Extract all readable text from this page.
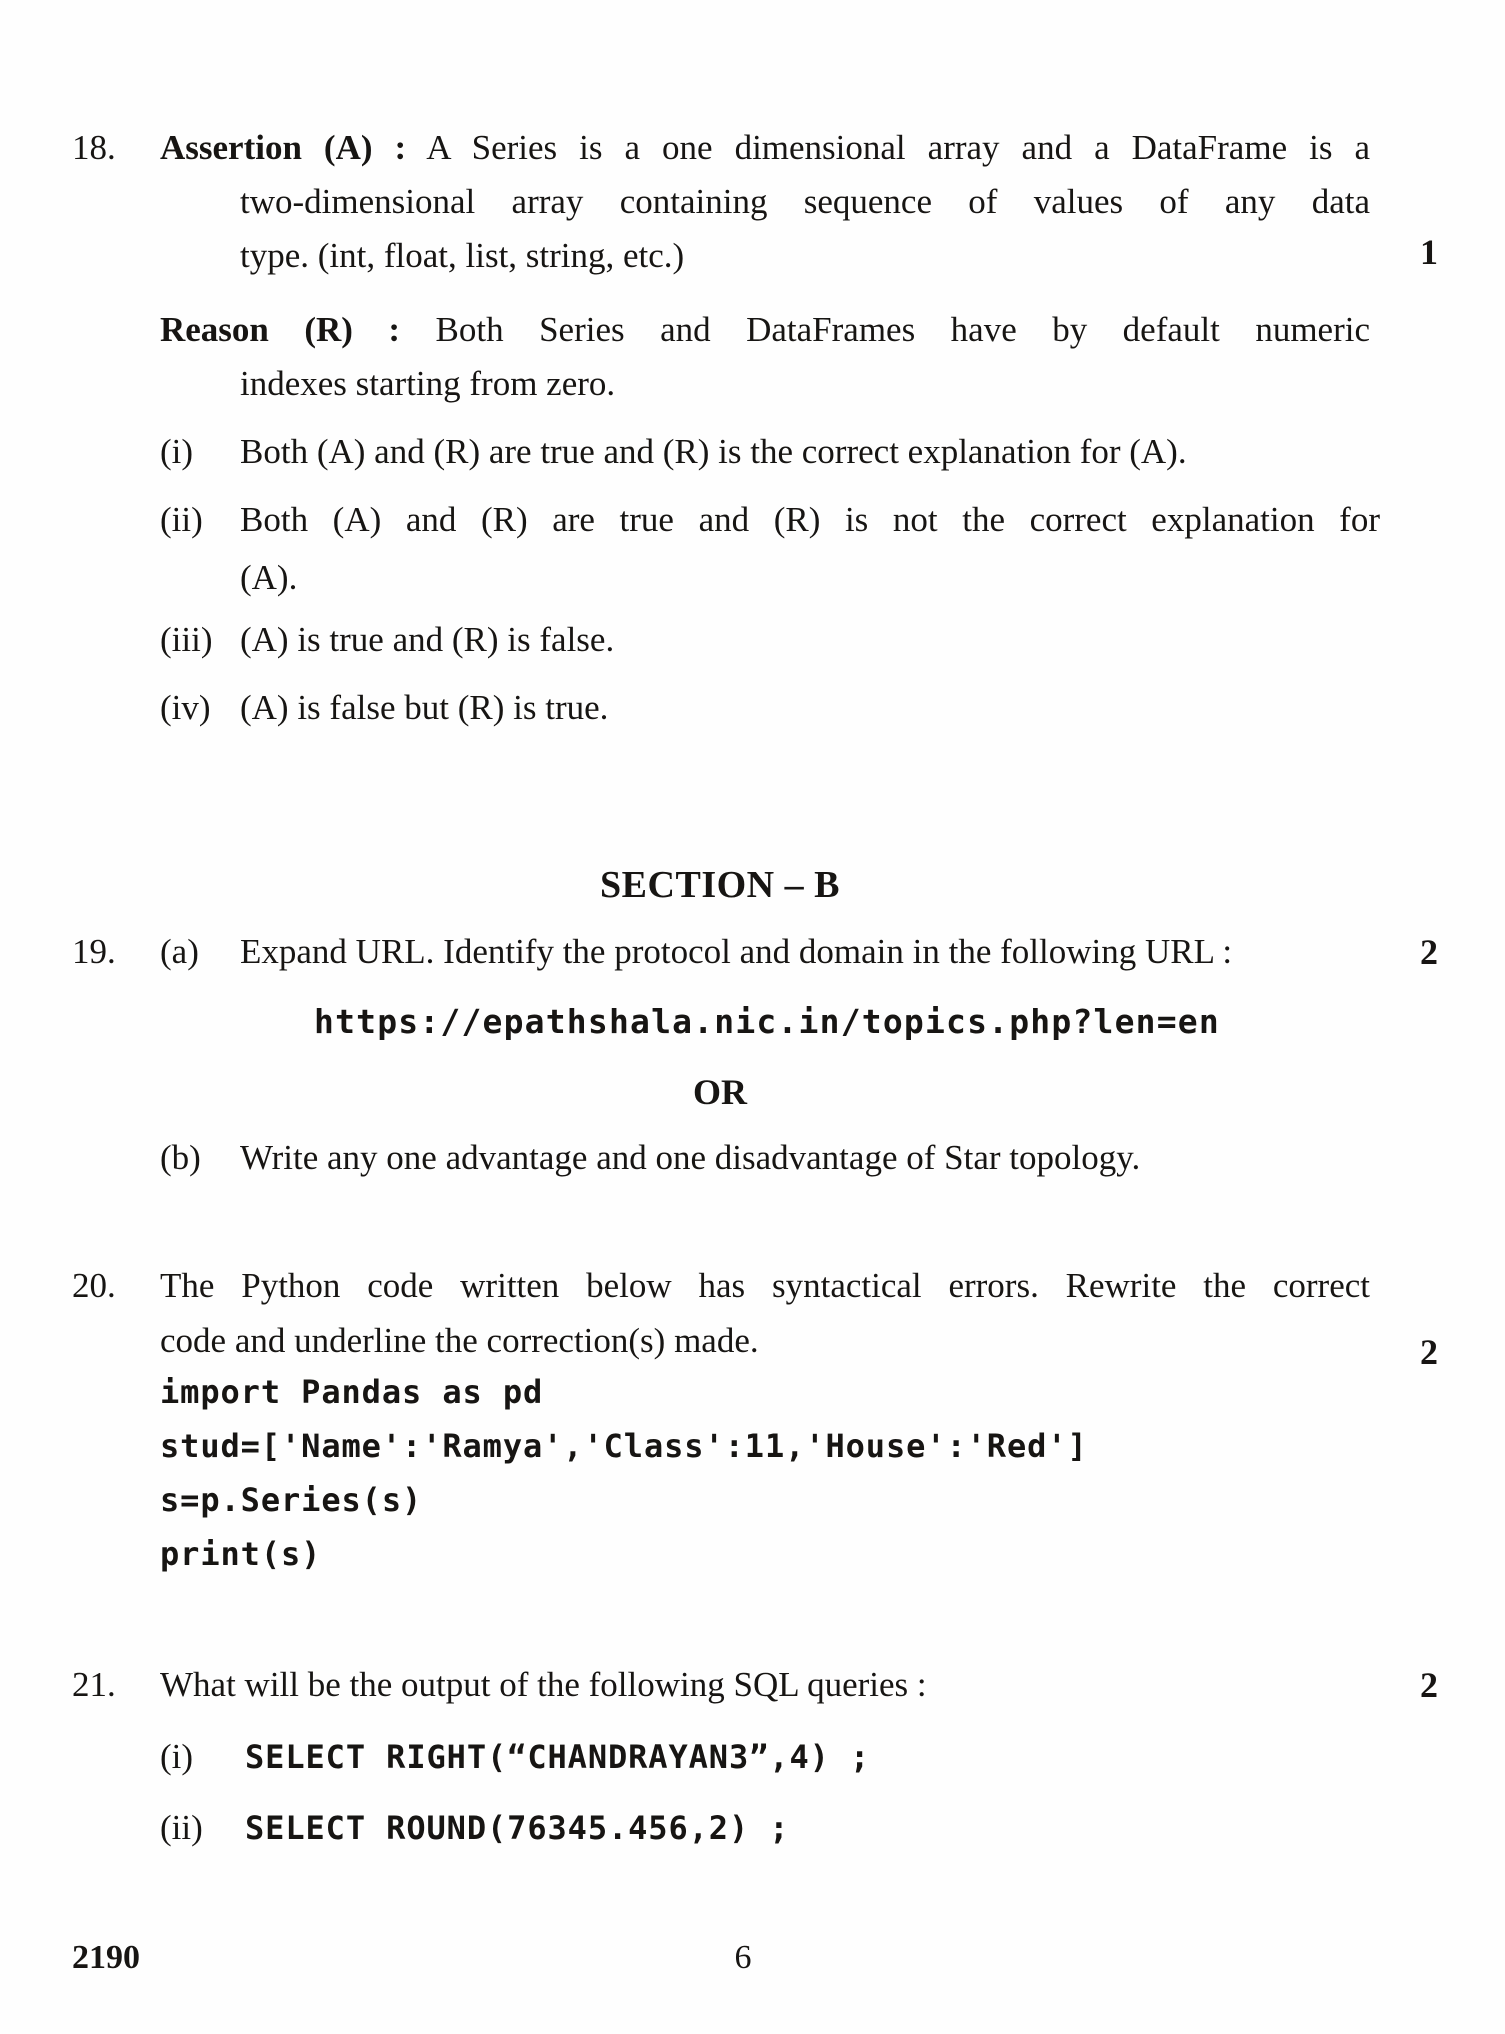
18.	Assertion (A) : A Series is a one dimensional array and a DataFrame is a
two-dimensional array containing sequence of values of any data
type. (int, float, list, string, etc.)	1
Reason (R) : Both Series and DataFrames have by default numeric
indexes starting from zero.
(i)	Both (A) and (R) are true and (R) is the correct explanation for (A).
(ii)	Both (A) and (R) are true and (R) is not the correct explanation for
(A).
(iii) (A) is true and (R) is false.
(iv) (A) is false but (R) is true.
SECTION – B
19.	(a)	Expand URL. Identify the protocol and domain in the following URL :	2
https://epathshala.nic.in/topics.php?len=en
OR
(b)	Write any one advantage and one disadvantage of Star topology.
20.	The Python code written below has syntactical errors. Rewrite the correct
code and underline the correction(s) made.	2
import Pandas as pd
stud=['Name':'Ramya','Class':11,'House':'Red']
s=p.Series(s)
print(s)
21.	What will be the output of the following SQL queries :	2
(i)	SELECT RIGHT(“CHANDRAYAN3”,4) ;
(ii)	SELECT ROUND(76345.456,2) ;
2190	6
